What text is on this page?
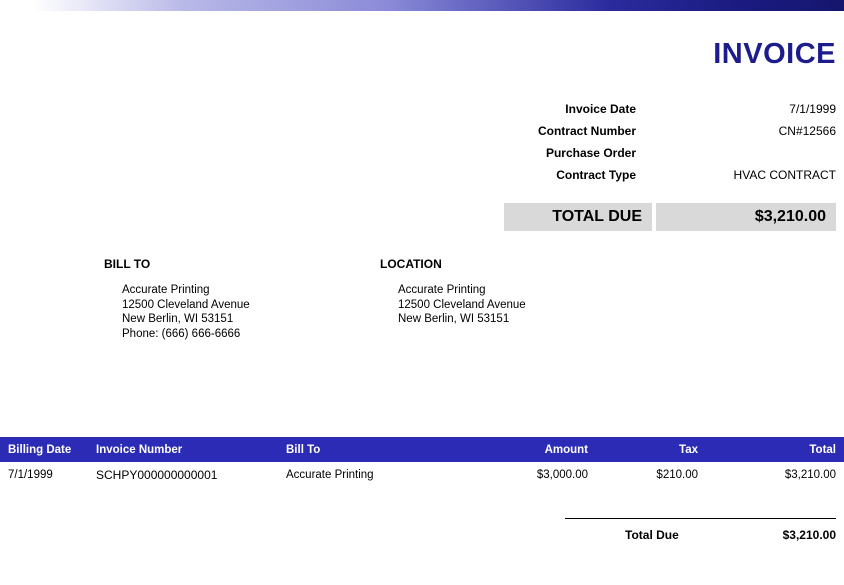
INVOICE
Invoice Date	7/1/1999
Contract Number	CN#12566
Purchase Order
Contract Type	HVAC CONTRACT
TOTAL DUE	$3,210.00
BILL TO
Accurate Printing
12500 Cleveland Avenue
New Berlin, WI 53151
Phone: (666) 666-6666
LOCATION
Accurate Printing
12500 Cleveland Avenue
New Berlin, WI 53151
Billing Date	Invoice Number	Bill To	Amount	Tax	Total
7/1/1999	SCHPY000000000001	Accurate Printing	$3,000.00	$210.00	$3,210.00
Total Due	$3,210.00
